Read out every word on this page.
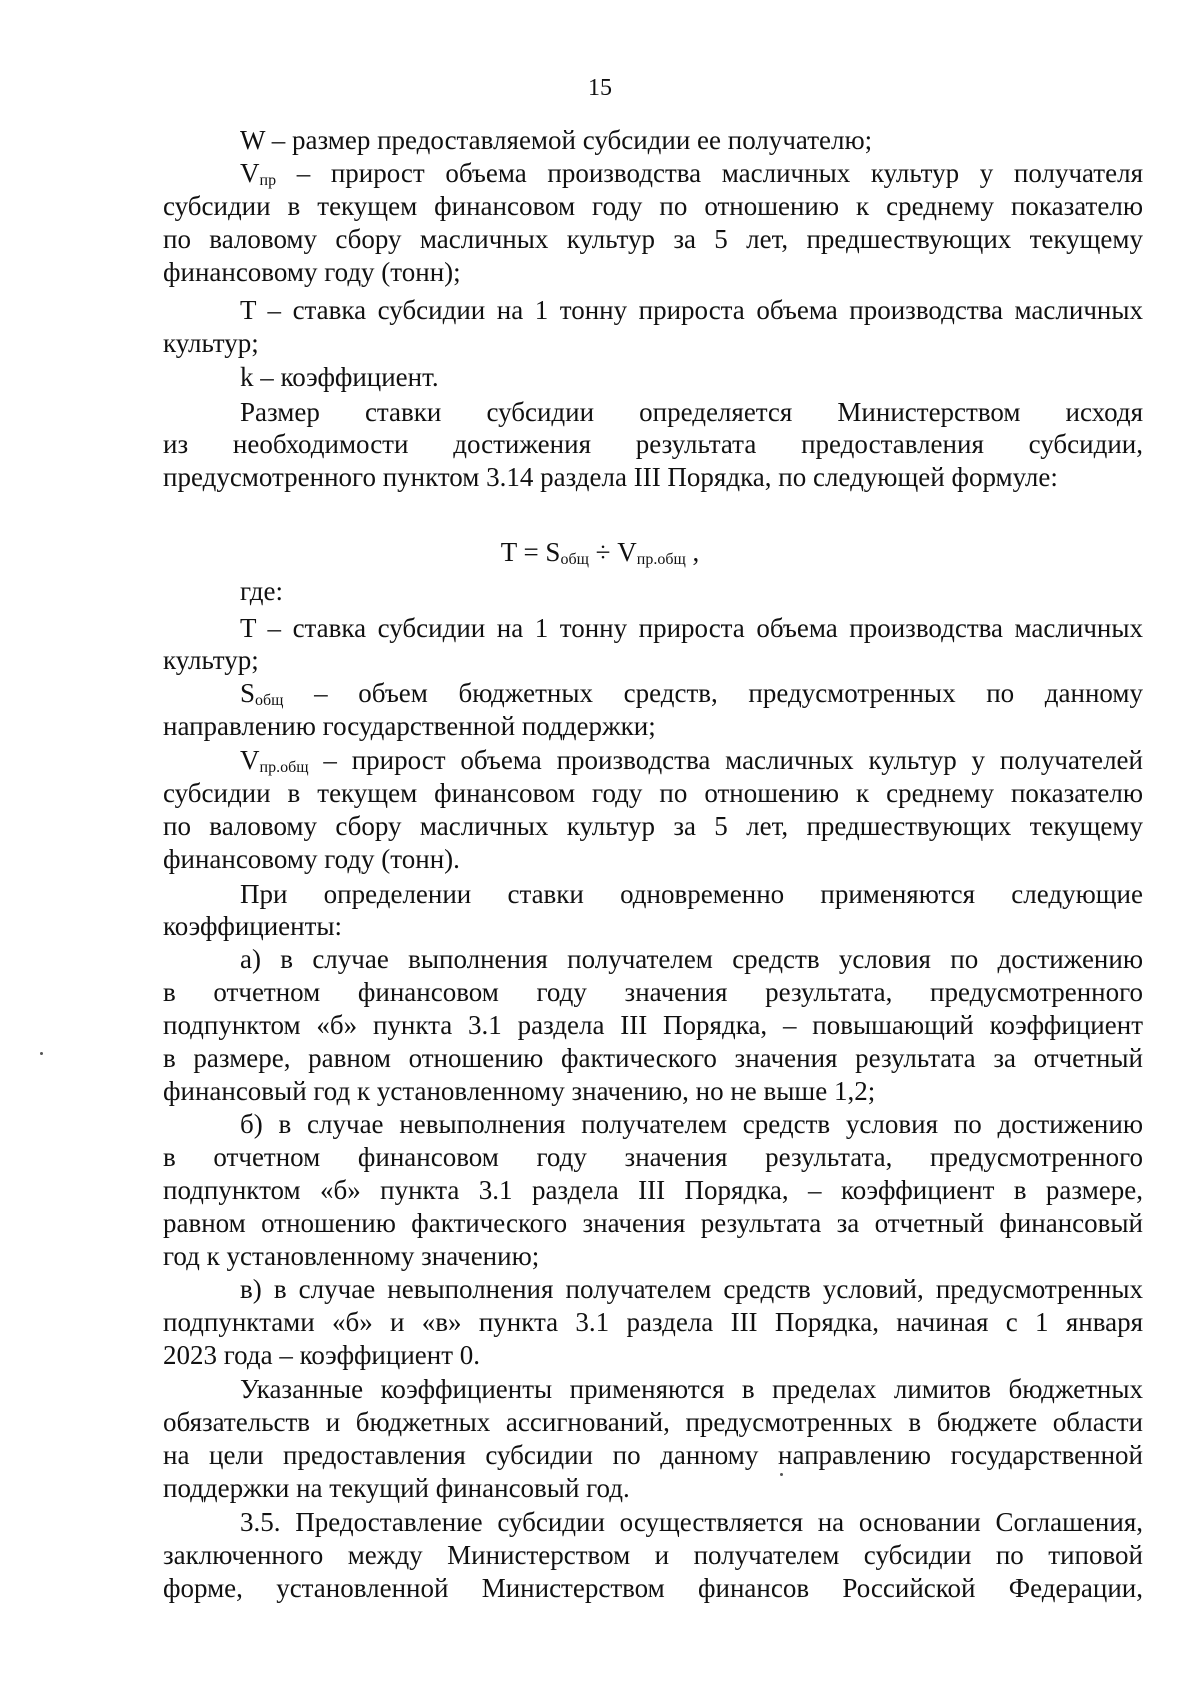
15
W – размер предоставляемой субсидии ее получателю;
$V_{пр}$ – прирост объема производства масличных культур у получателя
субсидии в текущем финансовом году по отношению к среднему показателю
по валовому сбору масличных культур за 5 лет, предшествующих текущему
финансовому году (тонн);
T – ставка субсидии на 1 тонну прироста объема производства масличных
культур;
k – коэффициент.
Размер ставки субсидии определяется Министерством исходя
из необходимости достижения результата предоставления субсидии,
предусмотренного пунктом 3.14 раздела III Порядка, по следующей формуле:
$T = S_{общ} \div V_{пр.общ}$ ,
где:
T – ставка субсидии на 1 тонну прироста объема производства масличных
культур;
$S_{общ}$ – объем бюджетных средств, предусмотренных по данному
направлению государственной поддержки;
$V_{пр.общ}$ – прирост объема производства масличных культур у получателей
субсидии в текущем финансовом году по отношению к среднему показателю
по валовому сбору масличных культур за 5 лет, предшествующих текущему
финансовому году (тонн).
При определении ставки одновременно применяются следующие
коэффициенты:
а) в случае выполнения получателем средств условия по достижению
в отчетном финансовом году значения результата, предусмотренного
подпунктом «б» пункта 3.1 раздела III Порядка, – повышающий коэффициент
в размере, равном отношению фактического значения результата за отчетный
финансовый год к установленному значению, но не выше 1,2;
б) в случае невыполнения получателем средств условия по достижению
в отчетном финансовом году значения результата, предусмотренного
подпунктом «б» пункта 3.1 раздела III Порядка, – коэффициент в размере,
равном отношению фактического значения результата за отчетный финансовый
год к установленному значению;
в) в случае невыполнения получателем средств условий, предусмотренных
подпунктами «б» и «в» пункта 3.1 раздела III Порядка, начиная с 1 января
2023 года – коэффициент 0.
Указанные коэффициенты применяются в пределах лимитов бюджетных
обязательств и бюджетных ассигнований, предусмотренных в бюджете области
на цели предоставления субсидии по данному направлению государственной
поддержки на текущий финансовый год.
3.5. Предоставление субсидии осуществляется на основании Соглашения,
заключенного между Министерством и получателем субсидии по типовой
форме, установленной Министерством финансов Российской Федерации,
